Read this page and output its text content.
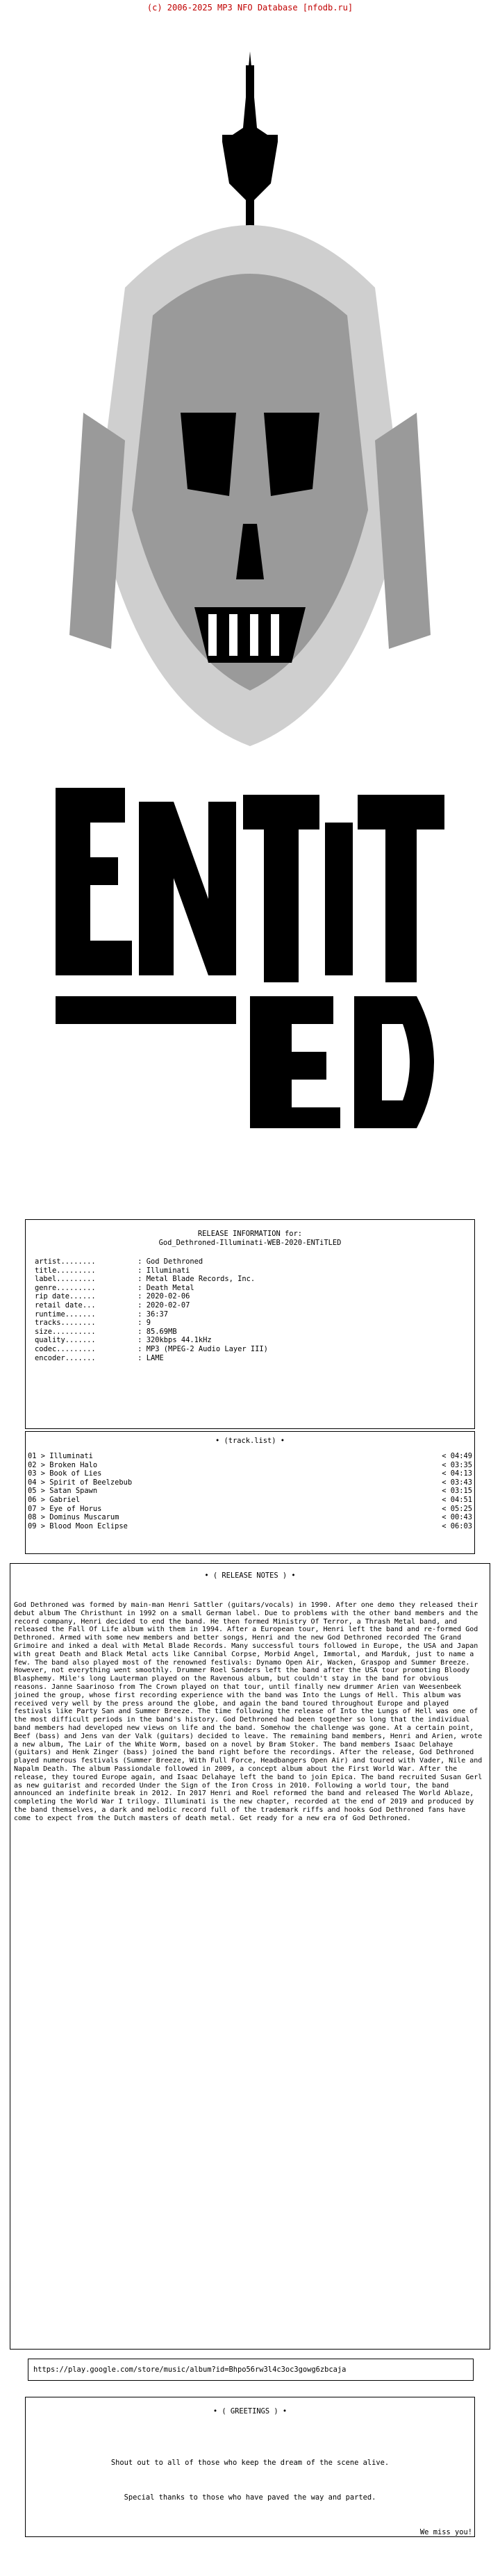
(c) 2006-2025 MP3 NFO Database [nfodb.ru]
aNtiHpURE
-/\\-/\\-
RELEASE INFORMATION for:
God_Dethroned-Illuminati-WEB-2020-ENTiTLED
artist........	: God Dethroned
title.........	: Illuminati
label.........	: Metal Blade Records, Inc.
genre.........	: Death Metal
rip date......	: 2020-02-06
retail date...	: 2020-02-07
runtime.......	: 36:37
tracks........	: 9
size..........	: 85.69MB
quality.......	: 320kbps 44.1kHz
codec.........	: MP3 (MPEG-2 Audio Layer III)
encoder.......	: LAME
• (track.list) •
01 > Illuminati	< 04:49
02 > Broken Halo	< 03:35
03 > Book of Lies	< 04:13
04 > Spirit of Beelzebub	< 03:43
05 > Satan Spawn	< 03:15
06 > Gabriel	< 04:51
07 > Eye of Horus	< 05:25
08 > Dominus Muscarum	< 00:43
09 > Blood Moon Eclipse	< 06:03
• ( RELEASE NOTES ) •
God Dethroned was formed by main-man Henri Sattler (guitars/vocals) in 1990. After one demo they released their debut album The Christhunt in 1992 on a small German label. Due to problems with the other band members and the record company, Henri decided to end the band. He then formed Ministry Of Terror, a Thrash Metal band, and released the Fall Of Life album with them in 1994. After a European tour, Henri left the band and re-formed God Dethroned. Armed with some new members and better songs, Henri and the new God Dethroned recorded The Grand Grimoire and inked a deal with Metal Blade Records. Many successful tours followed in Europe, the USA and Japan with great Death and Black Metal acts like Cannibal Corpse, Morbid Angel, Immortal, and Marduk, just to name a few. The band also played most of the renowned festivals: Dynamo Open Air, Wacken, Graspop and Summer Breeze. However, not everything went smoothly. Drummer Roel Sanders left the band after the USA tour promoting Bloody Blasphemy. Mile's long Lauterman played on the Ravenous album, but couldn't stay in the band for obvious reasons. Janne Saarinoso from The Crown played on that tour, until finally new drummer Arien van Weesenbeek joined the group, whose first recording experience with the band was Into the Lungs of Hell. This album was received very well by the press around the globe, and again the band toured throughout Europe and played festivals like Party San and Summer Breeze. The time following the release of Into the Lungs of Hell was one of the most difficult periods in the band's history. God Dethroned had been together so long that the individual band members had developed new views on life and the band. Somehow the challenge was gone. At a certain point, Beef (bass) and Jens van der Valk (guitars) decided to leave. The remaining band members, Henri and Arien, wrote a new album, The Lair of the White Worm, based on a novel by Bram Stoker. The band members Isaac Delahaye (guitars) and Henk Zinger (bass) joined the band right before the recordings. After the release, God Dethroned played numerous festivals (Summer Breeze, With Full Force, Headbangers Open Air) and toured with Vader, Nile and Napalm Death. The album Passiondale followed in 2009, a concept album about the First World War. After the release, they toured Europe again, and Isaac Delahaye left the band to join Epica. The band recruited Susan Gerl as new guitarist and recorded Under the Sign of the Iron Cross in 2010. Following a world tour, the band announced an indefinite break in 2012. In 2017 Henri and Roel reformed the band and released The World Ablaze, completing the World War I trilogy. Illuminati is the new chapter, recorded at the end of 2019 and produced by the band themselves, a dark and melodic record full of the trademark riffs and hooks God Dethroned fans have come to expect from the Dutch masters of death metal. Get ready for a new era of God Dethroned.
https://play.google.com/store/music/album?id=Bhpo56rw3l4c3oc3gowg6zbcaja
• ( GREETINGS ) •

Shout out to all of those who keep the dream of the scene alive.

Special thanks to those who have paved the way and parted.

We miss you!
